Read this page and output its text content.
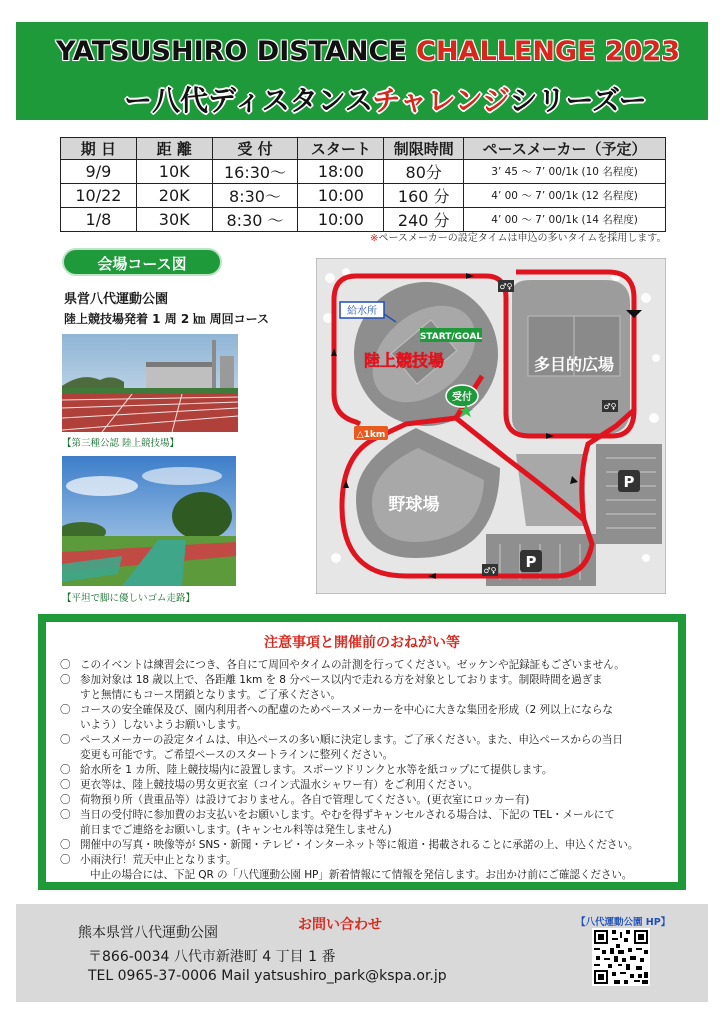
YATSUSHIRO DISTANCE CHALLENGE 2023
ー八代ディスタンスチャレンジシリーズー
期 日	距 離	受 付	スタート	制限時間	ペースメーカー（予定）
9/9	10K	16:30〜	18:00	80分	3’ 45 ～ 7’ 00/1k (10 名程度)
10/22	20K	8:30〜	10:00	160 分	4’ 00 ～ 7’ 00/1k (12 名程度)
1/8	30K	8:30 〜	10:00	240 分	4’ 00 ～ 7’ 00/1k (14 名程度)
※ペースメーカーの設定タイムは申込の多いタイムを採用します。
会場コース図
県営八代運動公園
陸上競技場発着 1 周 2 ㎞ 周回コース
【第三種公認 陸上競技場】
【平坦で脚に優しいゴム走路】
♂♀
♂♀
♂♀
給水所
START/GOAL
陸上競技場
受付
△1km
多目的広場
野球場
P
P
注意事項と開催前のおねがい等
〇 このイベントは練習会につき、各自にて周回やタイムの計測を行ってください。ゼッケンや記録証もございません。
〇 参加対象は 18 歳以上で、各距離 1km を 8 分ペース以内で走れる方を対象としております。制限時間を過ぎま
すと無情にもコース閉鎖となります。ご了承ください。
〇 コースの安全確保及び、園内利用者への配慮のためペースメーカーを中心に大きな集団を形成（2 列以上にならな
いよう）しないようお願いします。
〇 ペースメーカーの設定タイムは、申込ペースの多い順に決定します。ご了承ください。また、申込ペースからの当日
変更も可能です。ご希望ペースのスタートラインに整列ください。
〇 給水所を 1 カ所、陸上競技場内に設置します。スポーツドリンクと水等を紙コップにて提供します。
〇 更衣等は、陸上競技場の男女更衣室（コイン式温水シャワー有）をご利用ください。
〇 荷物預り所（貴重品等）は設けておりません。各自で管理してください。(更衣室にロッカー有)
〇 当日の受付時に参加費のお支払いをお願いします。やむを得ずキャンセルされる場合は、下記の TEL・メールにて
前日までご連絡をお願いします。(キャンセル料等は発生しません)
〇 開催中の写真・映像等が SNS・新聞・テレビ・インターネット等に報道・掲載されることに承諾の上、申込ください。
〇 小雨決行！荒天中止となります。
中止の場合には、下記 QR の「八代運動公園 HP」新着情報にて情報を発信します。お出かけ前にご確認ください。
お問い合わせ
熊本県営八代運動公園
〒866-0034 八代市新港町 4 丁目 1 番
TEL 0965-37-0006 Mail yatsushiro_park@kspa.or.jp
【八代運動公園 HP】
